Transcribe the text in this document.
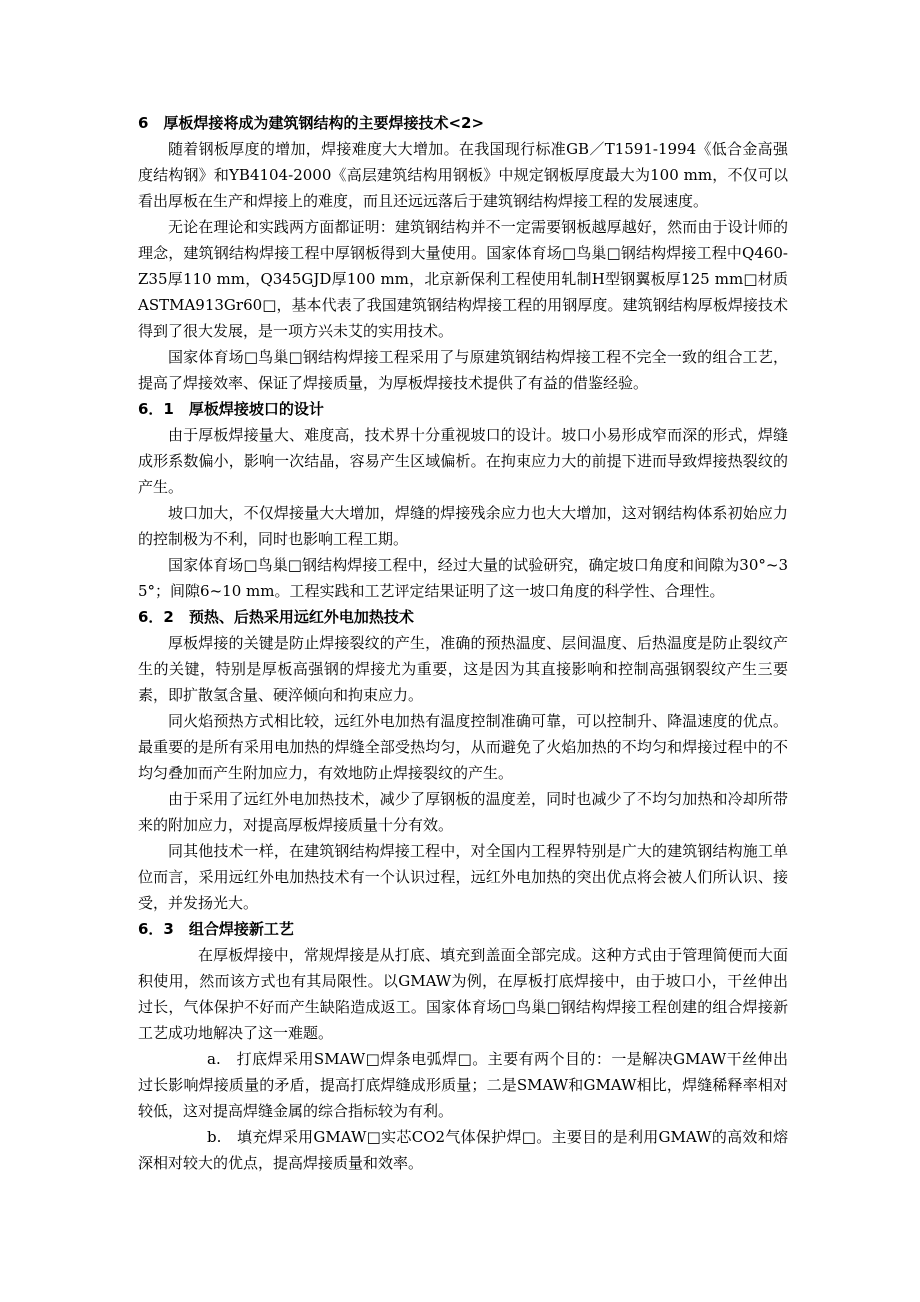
6　厚板焊接将成为建筑钢结构的主要焊接技术<2>

随着钢板厚度的增加，焊接难度大大增加。在我国现行标准GB／T1591-1994《低合金高强度结构钢》和YB4104-2000《高层建筑结构用钢板》中规定钢板厚度最大为100 mm，不仅可以看出厚板在生产和焊接上的难度，而且还远远落后于建筑钢结构焊接工程的发展速度。

无论在理论和实践两方面都证明：建筑钢结构并不一定需要钢板越厚越好，然而由于设计师的理念，建筑钢结构焊接工程中厚钢板得到大量使用。国家体育场□鸟巢□钢结构焊接工程中Q460-Z35厚110 mm，Q345GJD厚100 mm，北京新保利工程使用轧制H型钢翼板厚125 mm□材质ASTMA913Gr60□，基本代表了我国建筑钢结构焊接工程的用钢厚度。建筑钢结构厚板焊接技术得到了很大发展，是一项方兴未艾的实用技术。

国家体育场□鸟巢□钢结构焊接工程采用了与原建筑钢结构焊接工程不完全一致的组合工艺，提高了焊接效率、保证了焊接质量，为厚板焊接技术提供了有益的借鉴经验。

6．1　厚板焊接坡口的设计

由于厚板焊接量大、难度高，技术界十分重视坡口的设计。坡口小易形成窄而深的形式，焊缝成形系数偏小，影响一次结晶，容易产生区域偏析。在拘束应力大的前提下进而导致焊接热裂纹的产生。

坡口加大，不仅焊接量大大增加，焊缝的焊接残余应力也大大增加，这对钢结构体系初始应力的控制极为不利，同时也影响工程工期。

国家体育场□鸟巢□钢结构焊接工程中，经过大量的试验研究，确定坡口角度和间隙为30°~35°；间隙6~10 mm。工程实践和工艺评定结果证明了这一坡口角度的科学性、合理性。

6．2　预热、后热采用远红外电加热技术

厚板焊接的关键是防止焊接裂纹的产生，准确的预热温度、层间温度、后热温度是防止裂纹产生的关键，特别是厚板高强钢的焊接尤为重要，这是因为其直接影响和控制高强钢裂纹产生三要素，即扩散氢含量、硬淬倾向和拘束应力。

同火焰预热方式相比较，远红外电加热有温度控制准确可靠，可以控制升、降温速度的优点。最重要的是所有采用电加热的焊缝全部受热均匀，从而避免了火焰加热的不均匀和焊接过程中的不均匀叠加而产生附加应力，有效地防止焊接裂纹的产生。

由于采用了远红外电加热技术，减少了厚钢板的温度差，同时也减少了不均匀加热和冷却所带来的附加应力，对提高厚板焊接质量十分有效。

同其他技术一样，在建筑钢结构焊接工程中，对全国内工程界特别是广大的建筑钢结构施工单位而言，采用远红外电加热技术有一个认识过程，远红外电加热的突出优点将会被人们所认识、接受，并发扬光大。

6．3　组合焊接新工艺

在厚板焊接中，常规焊接是从打底、填充到盖面全部完成。这种方式由于管理简便而大面积使用，然而该方式也有其局限性。以GMAW为例，在厚板打底焊接中，由于坡口小，干丝伸出过长，气体保护不好而产生缺陷造成返工。国家体育场□鸟巢□钢结构焊接工程创建的组合焊接新工艺成功地解决了这一难题。

a.　打底焊采用SMAW□焊条电弧焊□。主要有两个目的：一是解决GMAW干丝伸出过长影响焊接质量的矛盾，提高打底焊缝成形质量；二是SMAW和GMAW相比，焊缝稀释率相对较低，这对提高焊缝金属的综合指标较为有利。

b.　填充焊采用GMAW□实芯CO2气体保护焊□。主要目的是利用GMAW的高效和熔深相对较大的优点，提高焊接质量和效率。
